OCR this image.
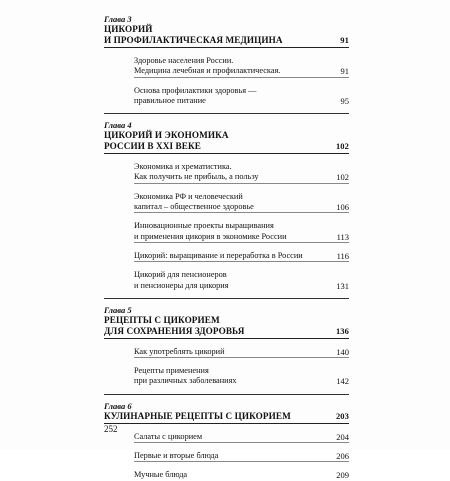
Глава 3
ЦИКОРИЙ
И ПРОФИЛАКТИЧЕСКАЯ МЕДИЦИНА	91
Здоровье населения России.
Медицина лечебная и профилактическая.	91
Основа профилактики здоровья —
правильное питание	95
Глава 4
ЦИКОРИЙ И ЭКОНОМИКА
РОССИИ В XXI ВЕКЕ	102
Экономика и хрематистика.
Как получить не прибыль, а пользу	102
Экономика РФ и человеческий
капитал – общественное здоровье	106
Инновационные проекты выращивания
и применения цикория в экономике России	113
Цикорий: выращивание и переработка в России	116
Цикорий для пенсионеров
и пенсионеры для цикория	131
Глава 5
РЕЦЕПТЫ С ЦИКОРИЕМ
ДЛЯ СОХРАНЕНИЯ ЗДОРОВЬЯ	136
Как употреблять цикорий	140
Рецепты применения
при различных заболеваниях	142
Глава 6
КУЛИНАРНЫЕ РЕЦЕПТЫ С ЦИКОРИЕМ	203
Салаты с цикорием	204
Первые и вторые блюда	206
Мучные блюда	209
252
